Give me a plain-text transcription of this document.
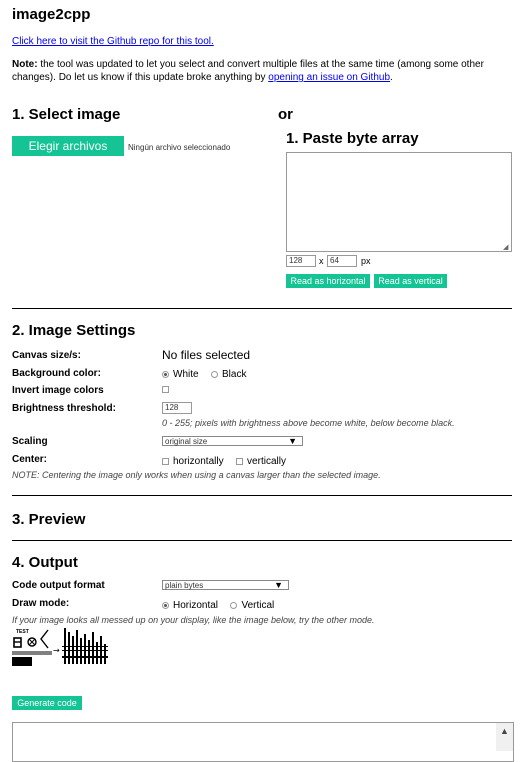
image2cpp
Click here to visit the Github repo for this tool.
Note: the tool was updated to let you select and convert multiple files at the same time (among some other changes). Do let us know if this update broke anything by opening an issue on Github.
1. Select image
Elegir archivos	Ningún archivo seleccionado
or
1. Paste byte array
◢
128	x 64	px
Read as horizontal	Read as vertical
2. Image Settings
Canvas size/s:	No files selected
Background color:	White Black
Invert image colors
Brightness threshold:	128
0 - 255; pixels with brightness above become white, below become black.
Scaling	original size	▼
Center:	horizontally vertically
NOTE: Centering the image only works when using a canvas larger than the selected image.
3. Preview
4. Output
Code output format	plain bytes	▼
Draw mode:	Horizontal Vertical
If your image looks all messed up on your display, like the image below, try the other mode.
TEST
→
Generate code
▲
